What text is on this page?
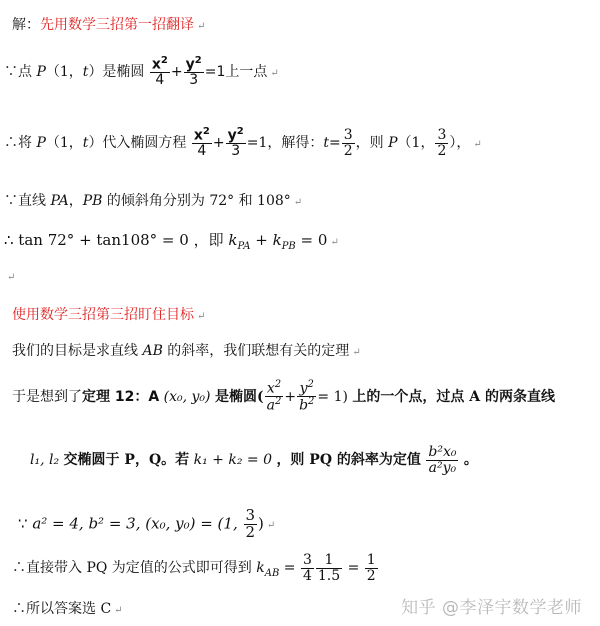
解：先用数学三招第一招翻译 ↵
∵点 P（1，t）是椭圆 $\frac{x^2}{4} + \frac{y^2}{3} =1$上一点 ↵
∴将 P（1，t）代入椭圆方程 $\frac{x^2}{4} + \frac{y^2}{3} =1$，解得：$t= \frac{3}{2}$ ，则 P（1， $\frac{3}{2}$ ）， ↵
∵直线 PA，PB 的倾斜角分别为 72° 和 108° ↵
∴ tan 72° + tan108° = 0 ，即 $k_{PA} + k_{PB} = 0$ ↵
↵
使用数学三招第三招盯住目标 ↵
我们的目标是求直线 AB 的斜率，我们联想有关的定理 ↵
于是想到了定理 12：A (x₀, y₀) 是椭圆( $\frac{x^2}{a^2} + \frac{y^2}{b^2} = 1$) 上的一个点，过点 A 的两条直线
l₁, l₂ 交椭圆于 P，Q。若 k₁ + k₂ = 0 ，则 PQ 的斜率为定值 $\frac{\text{b²x₀}}{\text{a²y₀}}$ 。
∵ a² = 4, b² = 3, (x₀, y₀) = (1, $\frac{3}{2}$ ) ↵
∴直接带入 PQ 为定值的公式即可得到 $k_{AB} = \frac{3}{4} \frac{1}{1.5} = \frac{1}{2}$
∴所以答案选 C ↵	知乎 @李泽宇数学老师
